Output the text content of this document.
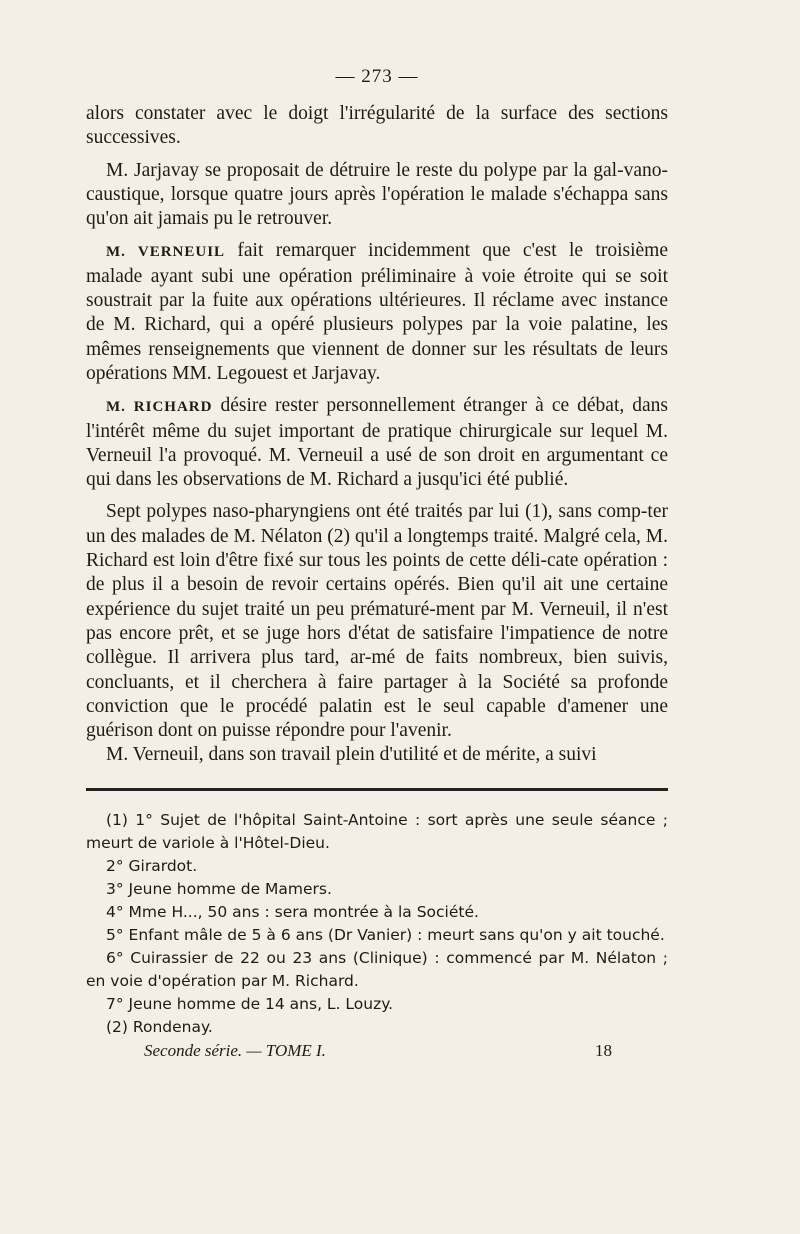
— 273 —

alors constater avec le doigt l'irrégularité de la surface des sections successives.

M. Jarjavay se proposait de détruire le reste du polype par la gal-vano-caustique, lorsque quatre jours après l'opération le malade s'échappa sans qu'on ait jamais pu le retrouver.

M. VERNEUIL fait remarquer incidemment que c'est le troisième malade ayant subi une opération préliminaire à voie étroite qui se soit soustrait par la fuite aux opérations ultérieures. Il réclame avec instance de M. Richard, qui a opéré plusieurs polypes par la voie palatine, les mêmes renseignements que viennent de donner sur les résultats de leurs opérations MM. Legouest et Jarjavay.

M. RICHARD désire rester personnellement étranger à ce débat, dans l'intérêt même du sujet important de pratique chirurgicale sur lequel M. Verneuil l'a provoqué. M. Verneuil a usé de son droit en argumentant ce qui dans les observations de M. Richard a jusqu'ici été publié.

Sept polypes naso-pharyngiens ont été traités par lui (1), sans comp-ter un des malades de M. Nélaton (2) qu'il a longtemps traité. Malgré cela, M. Richard est loin d'être fixé sur tous les points de cette déli-cate opération : de plus il a besoin de revoir certains opérés. Bien qu'il ait une certaine expérience du sujet traité un peu prématuré-ment par M. Verneuil, il n'est pas encore prêt, et se juge hors d'état de satisfaire l'impatience de notre collègue. Il arrivera plus tard, ar-mé de faits nombreux, bien suivis, concluants, et il cherchera à faire partager à la Société sa profonde conviction que le procédé palatin est le seul capable d'amener une guérison dont on puisse répondre pour l'avenir.

M. Verneuil, dans son travail plein d'utilité et de mérite, a suivi

(1) 1° Sujet de l'hôpital Saint-Antoine : sort après une seule séance ; meurt de variole à l'Hôtel-Dieu.

2° Girardot.

3° Jeune homme de Mamers.

4° Mme H..., 50 ans : sera montrée à la Société.

5° Enfant mâle de 5 à 6 ans (Dr Vanier) : meurt sans qu'on y ait touché.

6° Cuirassier de 22 ou 23 ans (Clinique) : commencé par M. Nélaton ; en voie d'opération par M. Richard.

7° Jeune homme de 14 ans, L. Louzy.

(2) Rondenay.

Seconde série. — TOME I.	18
